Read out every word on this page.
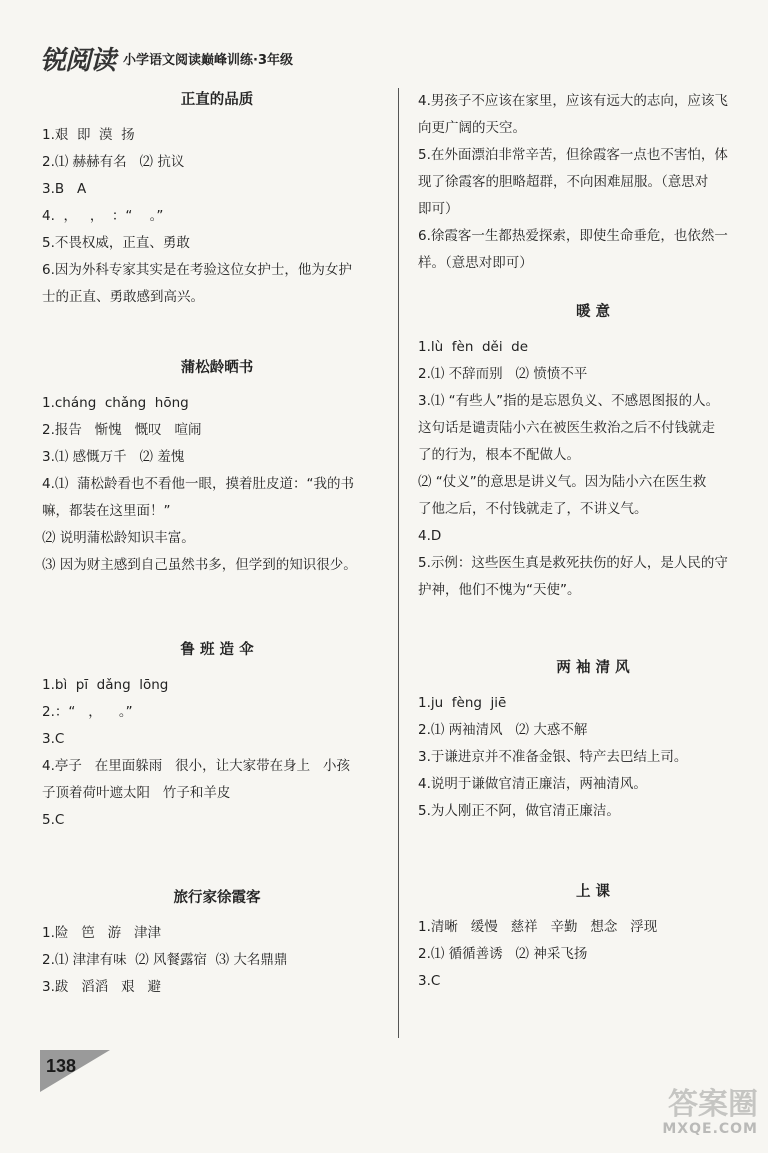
锐阅读 小学语文阅读巅峰训练·3年级
正直的品质
1.艰  即  漠  扬
2.⑴ 赫赫有名   ⑵ 抗议
3.B   A
4.  ，   ，  ：“    。”
5.不畏权威，正直、勇敢
6.因为外科专家其实是在考验这位女护士，他为女护
士的正直、勇敢感到高兴。
蒲松龄晒书
1.cháng  chǎng  hōng
2.报告   惭愧   慨叹   喧闹
3.⑴ 感慨万千   ⑵ 羞愧
4.⑴  蒲松龄看也不看他一眼，摸着肚皮道：“我的书
嘛，都装在这里面！”
⑵ 说明蒲松龄知识丰富。
⑶ 因为财主感到自己虽然书多，但学到的知识很少。
鲁 班 造 伞
1.bì  pī  dǎng  lōng
2.：“   ，    。”
3.C
4.亭子   在里面躲雨   很小，让大家带在身上   小孩
子顶着荷叶遮太阳   竹子和羊皮
5.C
旅行家徐霞客
1.险   笆   游   津津
2.⑴ 津津有味  ⑵ 风餐露宿  ⑶ 大名鼎鼎
3.跋   滔滔   艰   避
4.男孩子不应该在家里，应该有远大的志向，应该飞
向更广阔的天空。
5.在外面漂泊非常辛苦，但徐霞客一点也不害怕，体
现了徐霞客的胆略超群，不向困难屈服。（意思对
即可）
6.徐霞客一生都热爱探索，即使生命垂危，也依然一
样。（意思对即可）
暖 意
1.lù  fèn  děi  de
2.⑴ 不辞而别   ⑵ 愤愤不平
3.⑴ “有些人”指的是忘恩负义、不感恩图报的人。
这句话是谴责陆小六在被医生救治之后不付钱就走
了的行为，根本不配做人。
⑵ “仗义”的意思是讲义气。因为陆小六在医生救
了他之后，不付钱就走了，不讲义气。
4.D
5.示例：这些医生真是救死扶伤的好人，是人民的守
护神，他们不愧为“天使”。
两 袖 清 风
1.ju  fèng  jiē
2.⑴ 两袖清风   ⑵ 大惑不解
3.于谦进京并不准备金银、特产去巴结上司。
4.说明于谦做官清正廉洁，两袖清风。
5.为人刚正不阿，做官清正廉洁。
上 课
1.清晰   缓慢   慈祥   辛勤   想念   浮现
2.⑴ 循循善诱   ⑵ 神采飞扬
3.C
138
答案圈
MXQE.COM
